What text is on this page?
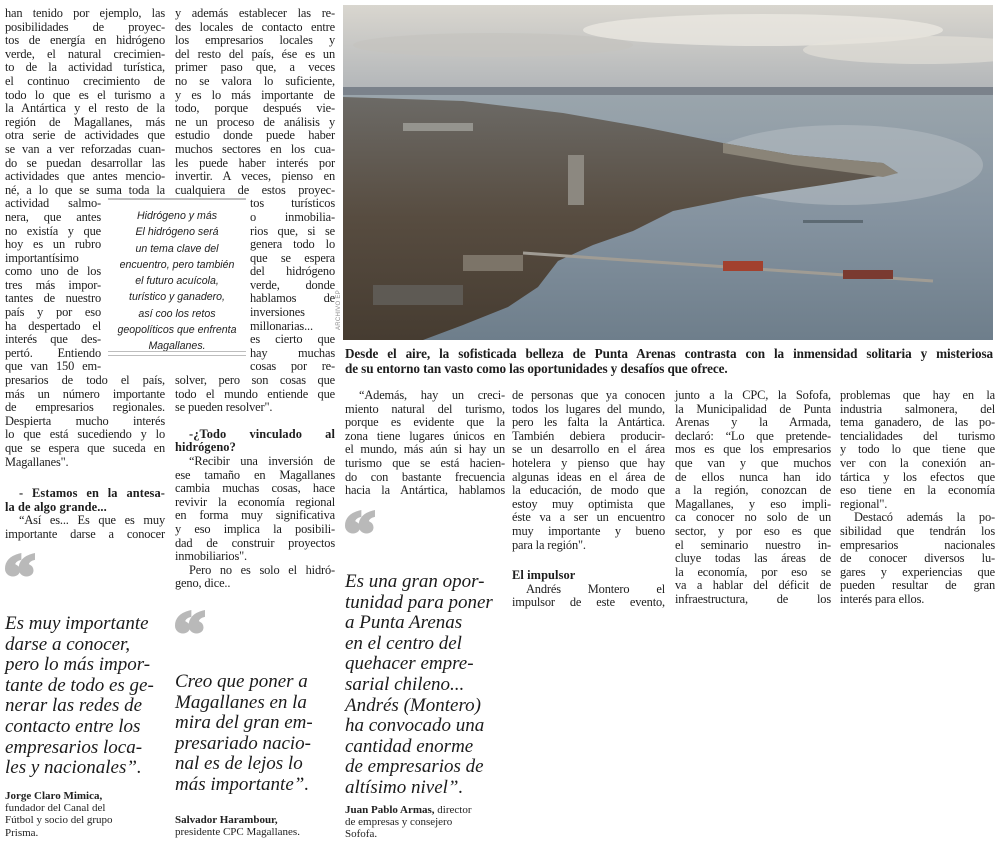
han tenido por ejemplo, las
posibilidades de proyec-
tos de energía en hidrógeno
verde, el natural crecimien-
to de la actividad turística,
el continuo crecimiento de
todo lo que es el turismo a
la Antártica y el resto de la
región de Magallanes, más
otra serie de actividades que
se van a ver reforzadas cuan-
do se puedan desarrollar las
actividades que antes mencio-
né, a lo que se suma toda la
actividad salmo-
nera, que antes
no existía y que
hoy es un rubro
importantísimo
como uno de los
tres más impor-
tantes de nuestro
país y por eso
ha despertado el
interés que des-
pertó. Entiendo
que van 150 em-
presarios de todo el país,
más un número importante
de empresarios regionales.
Despierta mucho interés
lo que está sucediendo y lo
que se espera que suceda en
Magallanes".
- Estamos en la antesa-
la de algo grande...
“Así es... Es que es muy
importante darse a conocer
y además establecer las re-
des locales de contacto entre
los empresarios locales y
del resto del país, ése es un
primer paso que, a veces
no se valora lo suficiente,
y es lo más importante de
todo, porque después vie-
ne un proceso de análisis y
estudio donde puede haber
muchos sectores en los cua-
les puede haber interés por
invertir. A veces, pienso en
cualquiera de estos proyec-
tos turísticos
o inmobilia-
rios que, si se
genera todo lo
que se espera
del hidrógeno
verde, donde
hablamos de
inversiones
millonarias...
es cierto que
hay muchas
cosas por re-
solver, pero son cosas que
todo el mundo entiende que
se pueden resolver".
-¿Todo vinculado al
hidrógeno?
“Recibir una inversión de
ese tamaño en Magallanes
cambia muchas cosas, hace
revivir la economía regional
en forma muy significativa
y eso implica la posibili-
dad de construir proyectos
inmobiliarios".
Pero no es solo el hidró-
geno, dice..
Hidrógeno y más
El hidrógeno será
un tema clave del
encuentro, pero también
el futuro acuícola,
turístico y ganadero,
así coo los retos
geopolíticos que enfrenta
Magallanes.
“
Es muy importante
darse a conocer,
pero lo más impor-
tante de todo es ge-
nerar las redes de
contacto entre los
empresarios loca-
les y nacionales”.
Jorge Claro Mimica,
fundador del Canal del
Fútbol y socio del grupo
Prisma.
“
Creo que poner a
Magallanes en la
mira del gran em-
presariado nacio-
nal es de lejos lo
más importante”.
Salvador Harambour,
presidente CPC Magallanes.
ARCHIVO EP
Desde el aire, la sofisticada belleza de Punta Arenas contrasta con la inmensidad solitaria y misteriosa
de su entorno tan vasto como las oportunidades y desafíos que ofrece.
“Además, hay un creci-
miento natural del turismo,
porque es evidente que la
zona tiene lugares únicos en
el mundo, más aún si hay un
turismo que se está hacien-
do con bastante frecuencia
hacia la Antártica, hablamos
“
Es una gran opor-
tunidad para poner
a Punta Arenas
en el centro del
quehacer empre-
sarial chileno...
Andrés (Montero)
ha convocado una
cantidad enorme
de empresarios de
altísimo nivel”.
Juan Pablo Armas, director
de empresas y consejero
Sofofa.
de personas que ya conocen
todos los lugares del mundo,
pero les falta la Antártica.
También debiera producir-
se un desarrollo en el área
hotelera y pienso que hay
algunas ideas en el área de
la educación, de modo que
estoy muy optimista que
éste va a ser un encuentro
muy importante y bueno
para la región".
El impulsor
Andrés Montero el
impulsor de este evento,
junto a la CPC, la Sofofa,
la Municipalidad de Punta
Arenas y la Armada,
declaró: “Lo que pretende-
mos es que los empresarios
que van y que muchos
de ellos nunca han ido
a la región, conozcan de
Magallanes, y eso impli-
ca conocer no solo de un
sector, y por eso es que
el seminario nuestro in-
cluye todas las áreas de
la economía, por eso se
va a hablar del déficit de
infraestructura, de los
problemas que hay en la
industria salmonera, del
tema ganadero, de las po-
tencialidades del turismo
y todo lo que tiene que
ver con la conexión an-
tártica y los efectos que
eso tiene en la economía
regional".
Destacó además la po-
sibilidad que tendrán los
empresarios nacionales
de conocer diversos lu-
gares y experiencias que
pueden resultar de gran
interés para ellos.
